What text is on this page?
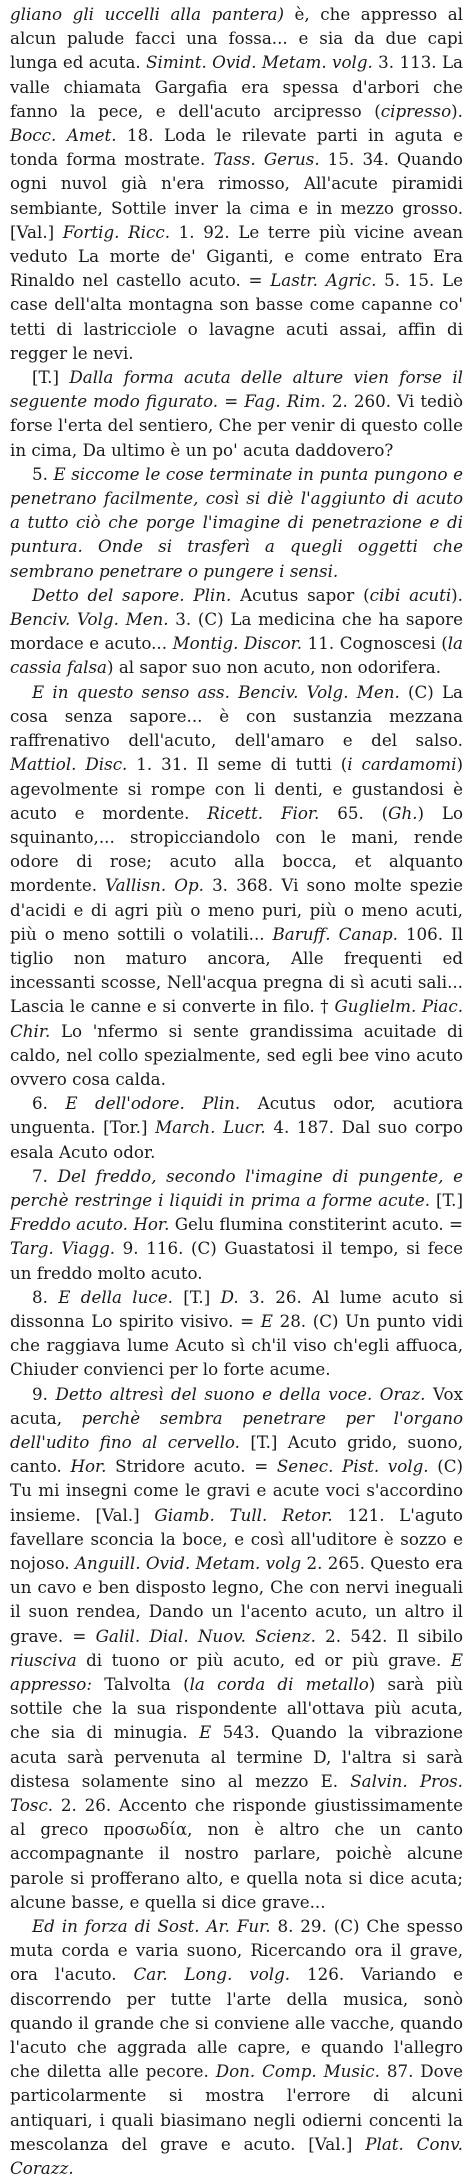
gliano gli uccelli alla pantera) è, che appresso al alcun palude facci una fossa... e sia da due capi lunga ed acuta. Simint. Ovid. Metam. volg. 3. 113. La valle chiamata Gargafia era spessa d'arbori che fanno la pece, e dell'acuto arcipresso (cipresso). Bocc. Amet. 18. Loda le rilevate parti in aguta e tonda forma mostrate. Tass. Gerus. 15. 34. Quando ogni nuvol già n'era rimosso, All'acute piramidi sembiante, Sottile inver la cima e in mezzo grosso. [Val.] Fortig. Ricc. 1. 92. Le terre più vicine avean veduto La morte de' Giganti, e come entrato Era Rinaldo nel castello acuto. = Lastr. Agric. 5. 15. Le case dell'alta montagna son basse come capanne co' tetti di lastricciole o lavagne acuti assai, affin di regger le nevi.

[T.] Dalla forma acuta delle alture vien forse il seguente modo figurato. = Fag. Rim. 2. 260. Vi tediò forse l'erta del sentiero, Che per venir di questo colle in cima, Da ultimo è un po' acuta daddovero?

5. E siccome le cose terminate in punta pungono e penetrano facilmente, così si diè l'aggiunto di acuto a tutto ciò che porge l'imagine di penetrazione e di puntura. Onde si trasferì a quegli oggetti che sembrano penetrare o pungere i sensi.

Detto del sapore. Plin. Acutus sapor (cibi acuti). Benciv. Volg. Men. 3. (C) La medicina che ha sapore mordace e acuto... Montig. Discor. 11. Cognoscesi (la cassia falsa) al sapor suo non acuto, non odorifera.

E in questo senso ass. Benciv. Volg. Men. (C) La cosa senza sapore... è con sustanzia mezzana raffrenativo dell'acuto, dell'amaro e del salso. Mattiol. Disc. 1. 31. Il seme di tutti (i cardamomi) agevolmente si rompe con li denti, e gustandosi è acuto e mordente. Ricett. Fior. 65. (Gh.) Lo squinanto,... stropicciandolo con le mani, rende odore di rose; acuto alla bocca, et alquanto mordente. Vallisn. Op. 3. 368. Vi sono molte spezie d'acidi e di agri più o meno puri, più o meno acuti, più o meno sottili o volatili... Baruff. Canap. 106. Il tiglio non maturo ancora, Alle frequenti ed incessanti scosse, Nell'acqua pregna di sì acuti sali... Lascia le canne e si converte in filo. † Guglielm. Piac. Chir. Lo 'nfermo si sente grandissima acuitade di caldo, nel collo spezialmente, sed egli bee vino acuto ovvero cosa calda.

6. E dell'odore. Plin. Acutus odor, acutiora unguenta. [Tor.] March. Lucr. 4. 187. Dal suo corpo esala Acuto odor.

7. Del freddo, secondo l'imagine di pungente, e perchè restringe i liquidi in prima a forme acute. [T.] Freddo acuto. Hor. Gelu flumina constiterint acuto. = Targ. Viagg. 9. 116. (C) Guastatosi il tempo, si fece un freddo molto acuto.

8. E della luce. [T.] D. 3. 26. Al lume acuto si dissonna Lo spirito visivo. = E 28. (C) Un punto vidi che raggiava lume Acuto sì ch'il viso ch'egli affuoca, Chiuder convienci per lo forte acume.

9. Detto altresì del suono e della voce. Oraz. Vox acuta, perchè sembra penetrare per l'organo dell'udito fino al cervello. [T.] Acuto grido, suono, canto. Hor. Stridore acuto. = Senec. Pist. volg. (C) Tu mi insegni come le gravi e acute voci s'accordino insieme. [Val.] Giamb. Tull. Retor. 121. L'aguto favellare sconcia la boce, e così all'uditore è sozzo e nojoso. Anguill. Ovid. Metam. volg 2. 265. Questo era un cavo e ben disposto legno, Che con nervi ineguali il suon rendea, Dando un l'acento acuto, un altro il grave. = Galil. Dial. Nuov. Scienz. 2. 542. Il sibilo riusciva di tuono or più acuto, ed or più grave. E appresso: Talvolta (la corda di metallo) sarà più sottile che la sua rispondente all'ottava più acuta, che sia di minugia. E 543. Quando la vibrazione acuta sarà pervenuta al termine D, l'altra si sarà distesa solamente sino al mezzo E. Salvin. Pros. Tosc. 2. 26. Accento che risponde giustissimamente al greco προσωδία, non è altro che un canto accompagnante il nostro parlare, poichè alcune parole si profferano alto, e quella nota si dice acuta; alcune basse, e quella si dice grave...

Ed in forza di Sost. Ar. Fur. 8. 29. (C) Che spesso muta corda e varia suono, Ricercando ora il grave, ora l'acuto. Car. Long. volg. 126. Variando e discorrendo per tutte l'arte della musica, sonò quando il grande che si conviene alle vacche, quando l'acuto che aggrada alle capre, e quando l'allegro che diletta alle pecore. Don. Comp. Music. 87. Dove particolarmente si mostra l'errore di alcuni antiquari, i quali biasimano negli odierni concenti la mescolanza del grave e acuto. [Val.] Plat. Conv. Corazz.
